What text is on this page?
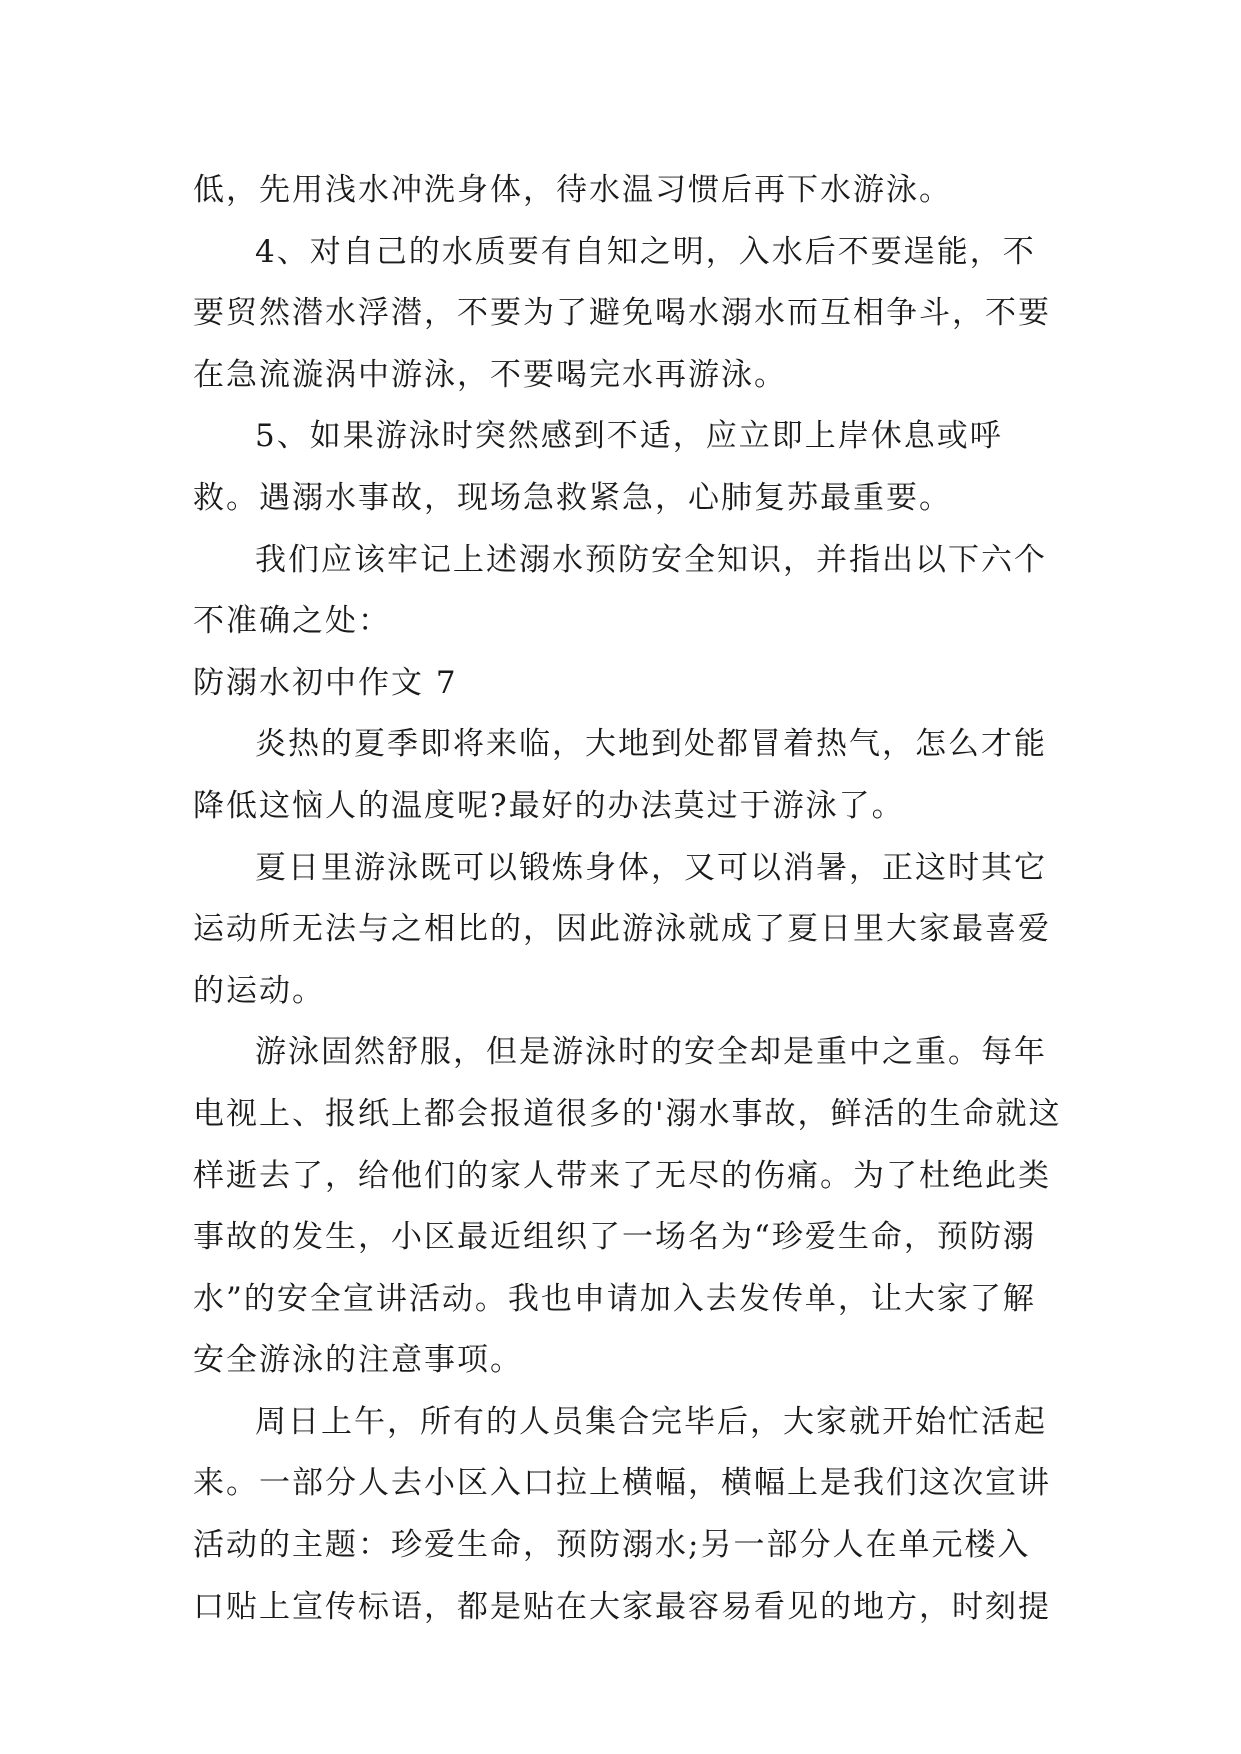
低，先用浅水冲洗身体，待水温习惯后再下水游泳。

4、对自己的水质要有自知之明，入水后不要逞能，不要贸然潜水浮潜，不要为了避免喝水溺水而互相争斗，不要在急流漩涡中游泳，不要喝完水再游泳。

5、如果游泳时突然感到不适，应立即上岸休息或呼救。遇溺水事故，现场急救紧急，心肺复苏最重要。

我们应该牢记上述溺水预防安全知识，并指出以下六个不准确之处：

防溺水初中作文 7

炎热的夏季即将来临，大地到处都冒着热气，怎么才能降低这恼人的温度呢?最好的办法莫过于游泳了。

夏日里游泳既可以锻炼身体，又可以消暑，正这时其它运动所无法与之相比的，因此游泳就成了夏日里大家最喜爱的运动。

游泳固然舒服，但是游泳时的安全却是重中之重。每年电视上、报纸上都会报道很多的'溺水事故，鲜活的生命就这样逝去了，给他们的家人带来了无尽的伤痛。为了杜绝此类事故的发生，小区最近组织了一场名为“珍爱生命，预防溺水”的安全宣讲活动。我也申请加入去发传单，让大家了解安全游泳的注意事项。

周日上午，所有的人员集合完毕后，大家就开始忙活起来。一部分人去小区入口拉上横幅，横幅上是我们这次宣讲活动的主题：珍爱生命，预防溺水;另一部分人在单元楼入口贴上宣传标语，都是贴在大家最容易看见的地方，时刻提
